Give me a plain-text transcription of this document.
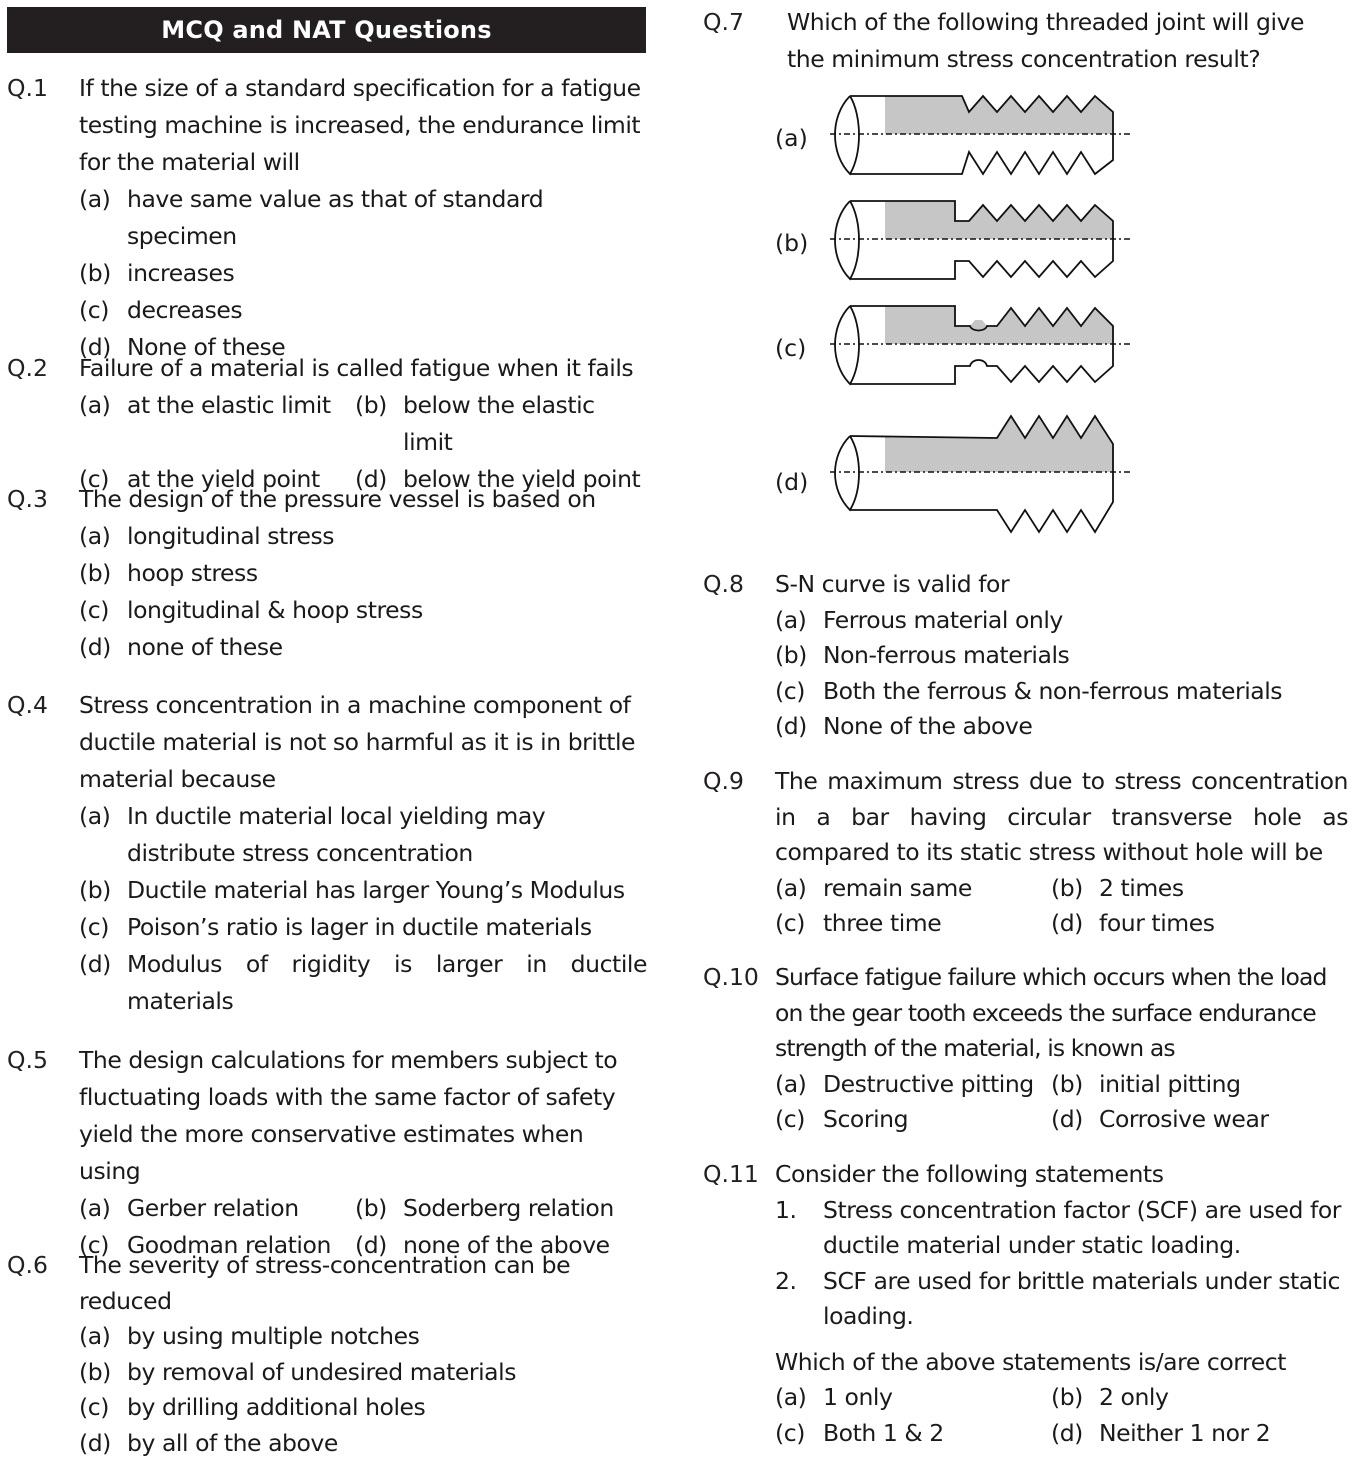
MCQ and NAT Questions
Q.1 If the size of a standard specification for a fatigue testing machine is increased, the endurance limit for the material will
(a) have same value as that of standard specimen
(b) increases
(c) decreases
(d) None of these
Q.2 Failure of a material is called fatigue when it fails
(a) at the elastic limit	(b) below the elastic limit
(c) at the yield point	(d) below the yield point
Q.3 The design of the pressure vessel is based on
(a) longitudinal stress
(b) hoop stress
(c) longitudinal & hoop stress
(d) none of these
Q.4 Stress concentration in a machine component of ductile material is not so harmful as it is in brittle material because
(a) In ductile material local yielding may distribute stress concentration
(b) Ductile material has larger Young’s Modulus
(c) Poison’s ratio is lager in ductile materials
(d) Modulus of rigidity is larger in ductile materials
Q.5 The design calculations for members subject to fluctuating loads with the same factor of safety yield the more conservative estimates when using
(a) Gerber relation	(b) Soderberg relation
(c) Goodman relation	(d) none of the above
Q.6 The severity of stress-concentration can be reduced
(a) by using multiple notches
(b) by removal of undesired materials
(c) by drilling additional holes
(d) by all of the above
Q.7 Which of the following threaded joint will give the minimum stress concentration result?
(a)
(b)
(c)
(d)
Q.8 S-N curve is valid for
(a) Ferrous material only
(b) Non-ferrous materials
(c) Both the ferrous & non-ferrous materials
(d) None of the above
Q.9 The maximum stress due to stress concentration in a bar having circular transverse hole as compared to its static stress without hole will be
(a) remain same	(b) 2 times
(c) three time	(d) four times
Q.10 Surface fatigue failure which occurs when the load on the gear tooth exceeds the surface endurance strength of the material, is known as
(a) Destructive pitting (b) initial pitting
(c) Scoring	(d) Corrosive wear
Q.11 Consider the following statements
1.	Stress concentration factor (SCF) are used for ductile material under static loading.
2.	SCF are used for brittle materials under static loading.
Which of the above statements is/are correct
(a) 1 only	(b) 2 only
(c) Both 1 & 2	(d) Neither 1 nor 2
